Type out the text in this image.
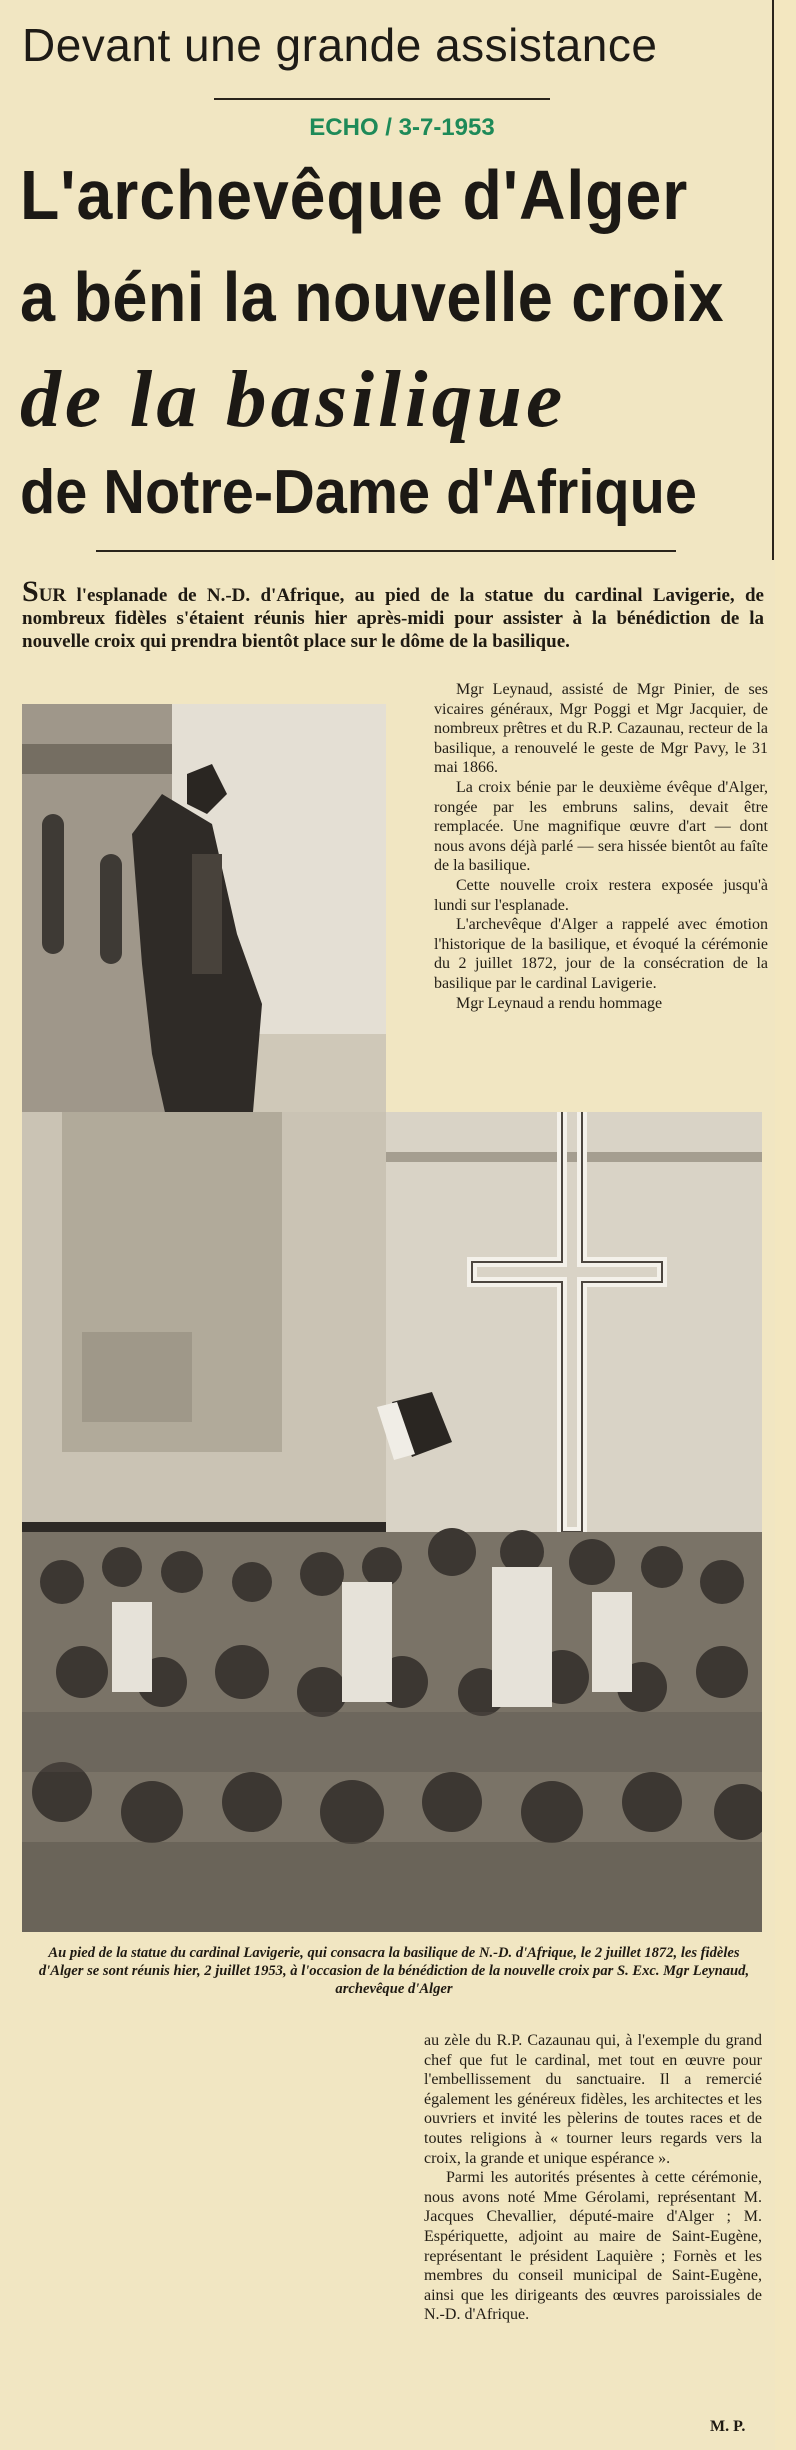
Devant une grande assistance
ECHO / 3-7-1953
L'archevêque d'Alger
a béni la nouvelle croix
de la basilique
de Notre-Dame d'Afrique
SUR l'esplanade de N.-D. d'Afrique, au pied de la statue du cardinal Lavigerie, de nombreux fidèles s'étaient réunis hier après-midi pour assister à la bénédiction de la nouvelle croix qui prendra bientôt place sur le dôme de la basilique.

Mgr Leynaud, assisté de Mgr Pinier, de ses vicaires généraux, Mgr Poggi et Mgr Jacquier, de nombreux prêtres et du R.P. Cazaunau, recteur de la basilique, a renouvelé le geste de Mgr Pavy, le 31 mai 1866.

La croix bénie par le deuxième évêque d'Alger, rongée par les embruns salins, devait être remplacée. Une magnifique œuvre d'art — dont nous avons déjà parlé — sera hissée bientôt au faîte de la basilique.

Cette nouvelle croix restera exposée jusqu'à lundi sur l'esplanade.

L'archevêque d'Alger a rappelé avec émotion l'historique de la basilique, et évoqué la cérémonie du 2 juillet 1872, jour de la consécration de la basilique par le cardinal Lavigerie.

Mgr Leynaud a rendu hommage

Au pied de la statue du cardinal Lavigerie, qui consacra la basilique de N.-D. d'Afrique, le 2 juillet 1872, les fidèles d'Alger se sont réunis hier, 2 juillet 1953, à l'occasion de la bénédiction de la nouvelle croix par S. Exc. Mgr Leynaud, archevêque d'Alger

au zèle du R.P. Cazaunau qui, à l'exemple du grand chef que fut le cardinal, met tout en œuvre pour l'embellissement du sanctuaire. Il a remercié également les généreux fidèles, les architectes et les ouvriers et invité les pèlerins de toutes races et de toutes religions à « tourner leurs regards vers la croix, la grande et unique espérance ».

Parmi les autorités présentes à cette cérémonie, nous avons noté Mme Gérolami, représentant M. Jacques Chevallier, député-maire d'Alger ; M. Espériquette, adjoint au maire de Saint-Eugène, représentant le président Laquière ; Fornès et les membres du conseil municipal de Saint-Eugène, ainsi que les dirigeants des œuvres paroissiales de N.-D. d'Afrique.

M. P.
